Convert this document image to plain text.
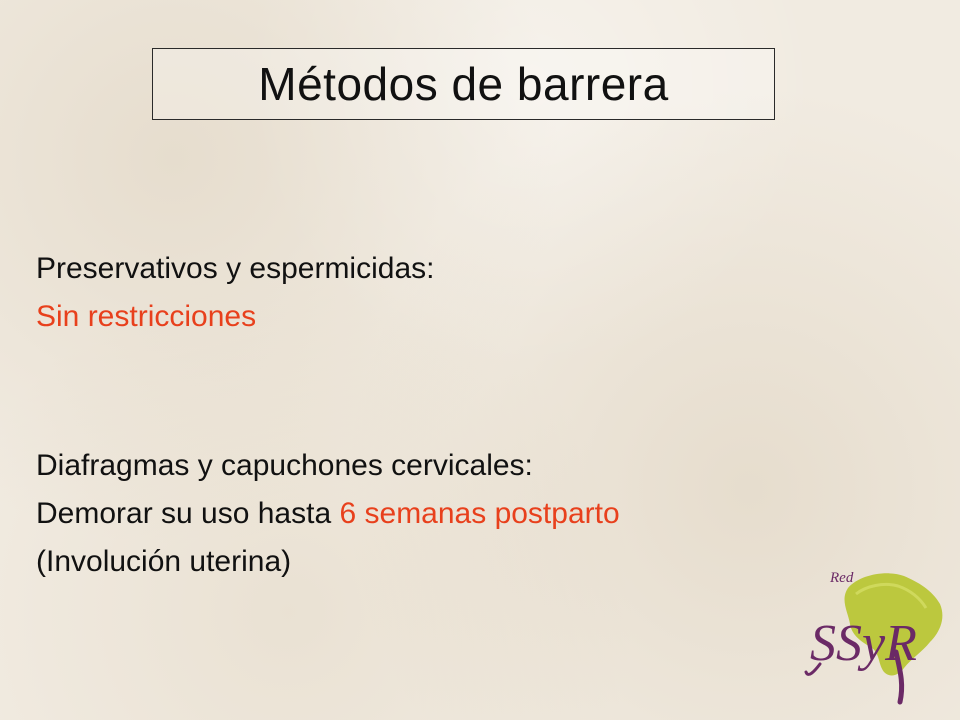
Métodos de barrera
Preservativos y espermicidas:
Sin restricciones
Diafragmas y capuchones cervicales:
Demorar su uso hasta 6 semanas postparto
(Involución uterina)	Red
SSyR
